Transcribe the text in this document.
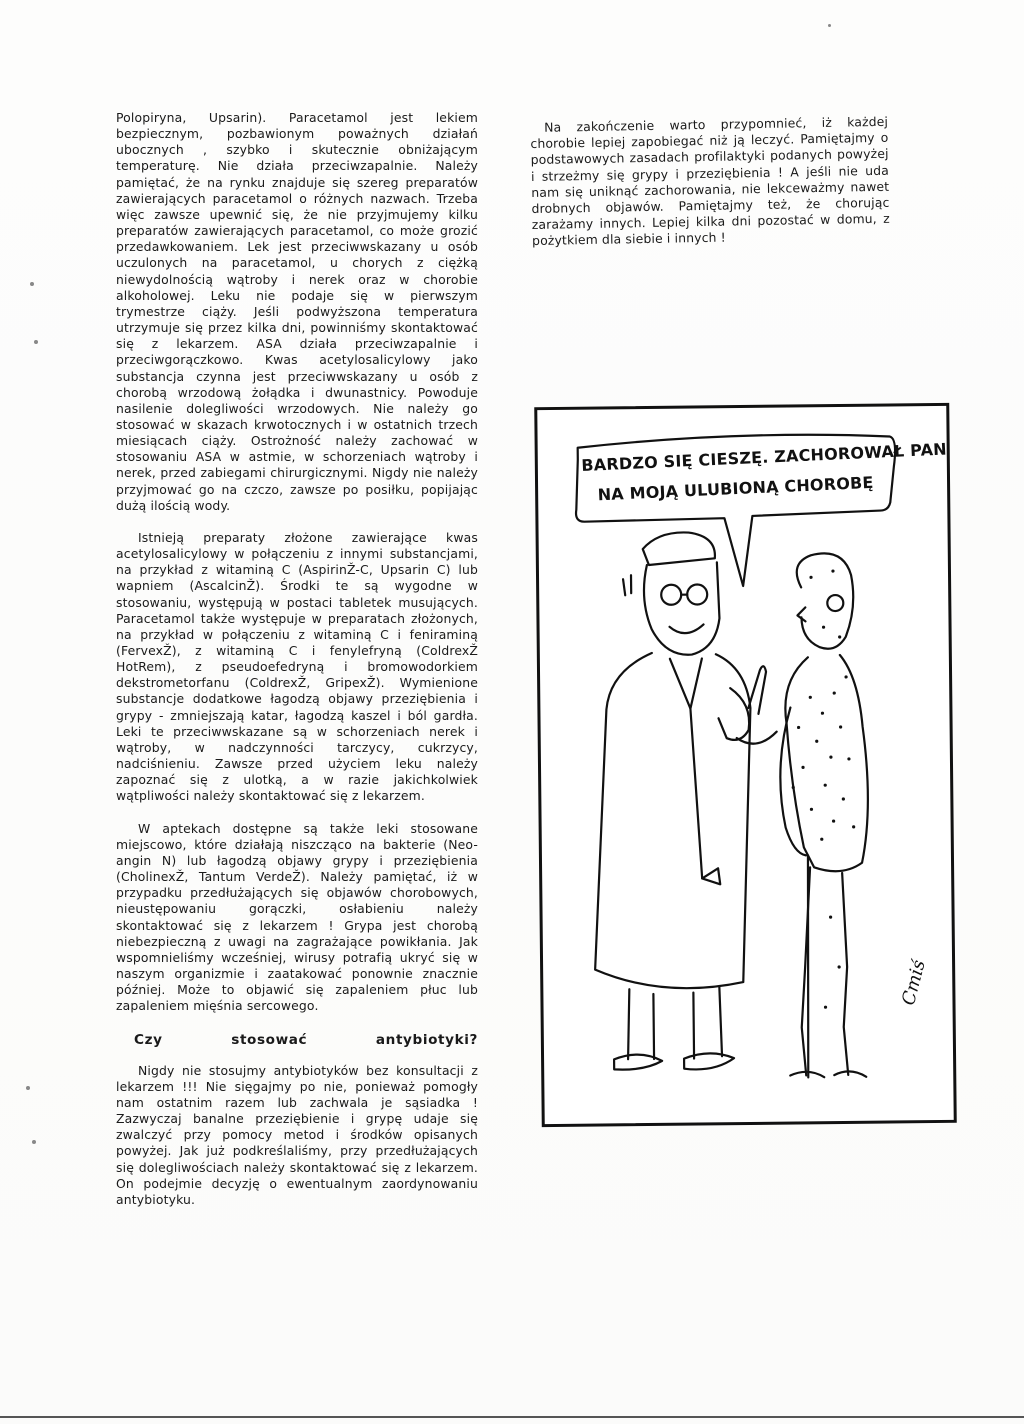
Polopiryna, Upsarin). Paracetamol jest lekiem bezpiecznym, pozbawionym poważnych działań ubocznych , szybko i skutecznie obniżającym temperaturę. Nie działa przeciwzapalnie. Należy pamiętać, że na rynku znajduje się szereg preparatów zawierających paracetamol o różnych nazwach. Trzeba więc zawsze upewnić się, że nie przyjmujemy kilku preparatów zawierających paracetamol, co może grozić przedawkowaniem. Lek jest przeciwwskazany u osób uczulonych na paracetamol, u chorych z ciężką niewydolnością wątroby i nerek oraz w chorobie alkoholowej. Leku nie podaje się w pierwszym trymestrze ciąży. Jeśli podwyższona temperatura utrzymuje się przez kilka dni, powinniśmy skontaktować się z lekarzem. ASA działa przeciwzapalnie i przeciwgorączkowo. Kwas acetylosalicylowy jako substancja czynna jest przeciwwskazany u osób z chorobą wrzodową żołądka i dwunastnicy. Powoduje nasilenie dolegliwości wrzodowych. Nie należy go stosować w skazach krwotocznych i w ostatnich trzech miesiącach ciąży. Ostrożność należy zachować w stosowaniu ASA w astmie, w schorzeniach wątroby i nerek, przed zabiegami chirurgicznymi. Nigdy nie należy przyjmować go na czczo, zawsze po posiłku, popijając dużą ilością wody.

Istnieją preparaty złożone zawierające kwas acetylosalicylowy w połączeniu z innymi substancjami, na przykład z witaminą C (AspirinŽ-C, Upsarin C) lub wapniem (AscalcinŽ). Środki te są wygodne w stosowaniu, występują w postaci tabletek musujących. Paracetamol także występuje w preparatach złożonych, na przykład w połączeniu z witaminą C i feniraminą (FervexŽ), z witaminą C i fenylefryną (ColdrexŽ HotRem), z pseudoefedryną i bromowodorkiem dekstrometorfanu (ColdrexŽ, GripexŽ). Wymienione substancje dodatkowe łagodzą objawy przeziębienia i grypy - zmniejszają katar, łagodzą kaszel i ból gardła. Leki te przeciwwskazane są w schorzeniach nerek i wątroby, w nadczynności tarczycy, cukrzycy, nadciśnieniu. Zawsze przed użyciem leku należy zapoznać się z ulotką, a w razie jakichkolwiek wątpliwości należy skontaktować się z lekarzem.

W aptekach dostępne są także leki stosowane miejscowo, które działają niszcząco na bakterie (Neo-angin N) lub łagodzą objawy grypy i przeziębienia (CholinexŽ, Tantum VerdeŽ). Należy pamiętać, iż w przypadku przedłużających się objawów chorobowych, nieustępowaniu gorączki, osłabieniu należy skontaktować się z lekarzem ! Grypa jest chorobą niebezpieczną z uwagi na zagrażające powikłania. Jak wspomnieliśmy wcześniej, wirusy potrafią ukryć się w naszym organizmie i zaatakować ponownie znacznie później. Może to objawić się zapaleniem płuc lub zapaleniem mięśnia sercowego.

Czy	stosować	antybiotyki?

Nigdy nie stosujmy antybiotyków bez konsultacji z lekarzem !!! Nie sięgajmy po nie, ponieważ pomogły nam ostatnim razem lub zachwala je sąsiadka ! Zazwyczaj banalne przeziębienie i grypę udaje się zwalczyć przy pomocy metod i środków opisanych powyżej. Jak już podkreślaliśmy, przy przedłużających się dolegliwościach należy skontaktować się z lekarzem. On podejmie decyzję o ewentualnym zaordynowaniu antybiotyku.

Na zakończenie warto przypomnieć, iż każdej chorobie lepiej zapobiegać niż ją leczyć. Pamiętajmy o podstawowych zasadach profilaktyki podanych powyżej i strzeżmy się grypy i przeziębienia ! A jeśli nie uda nam się uniknąć zachorowania, nie lekceważmy nawet drobnych objawów. Pamiętajmy też, że chorując zarażamy innych. Lepiej kilka dni pozostać w domu, z pożytkiem dla siebie i innych !

Cmiś
BARDZO SIĘ CIESZĘ. ZACHOROWAŁ PAN
NA MOJĄ ULUBIONĄ CHOROBĘ
